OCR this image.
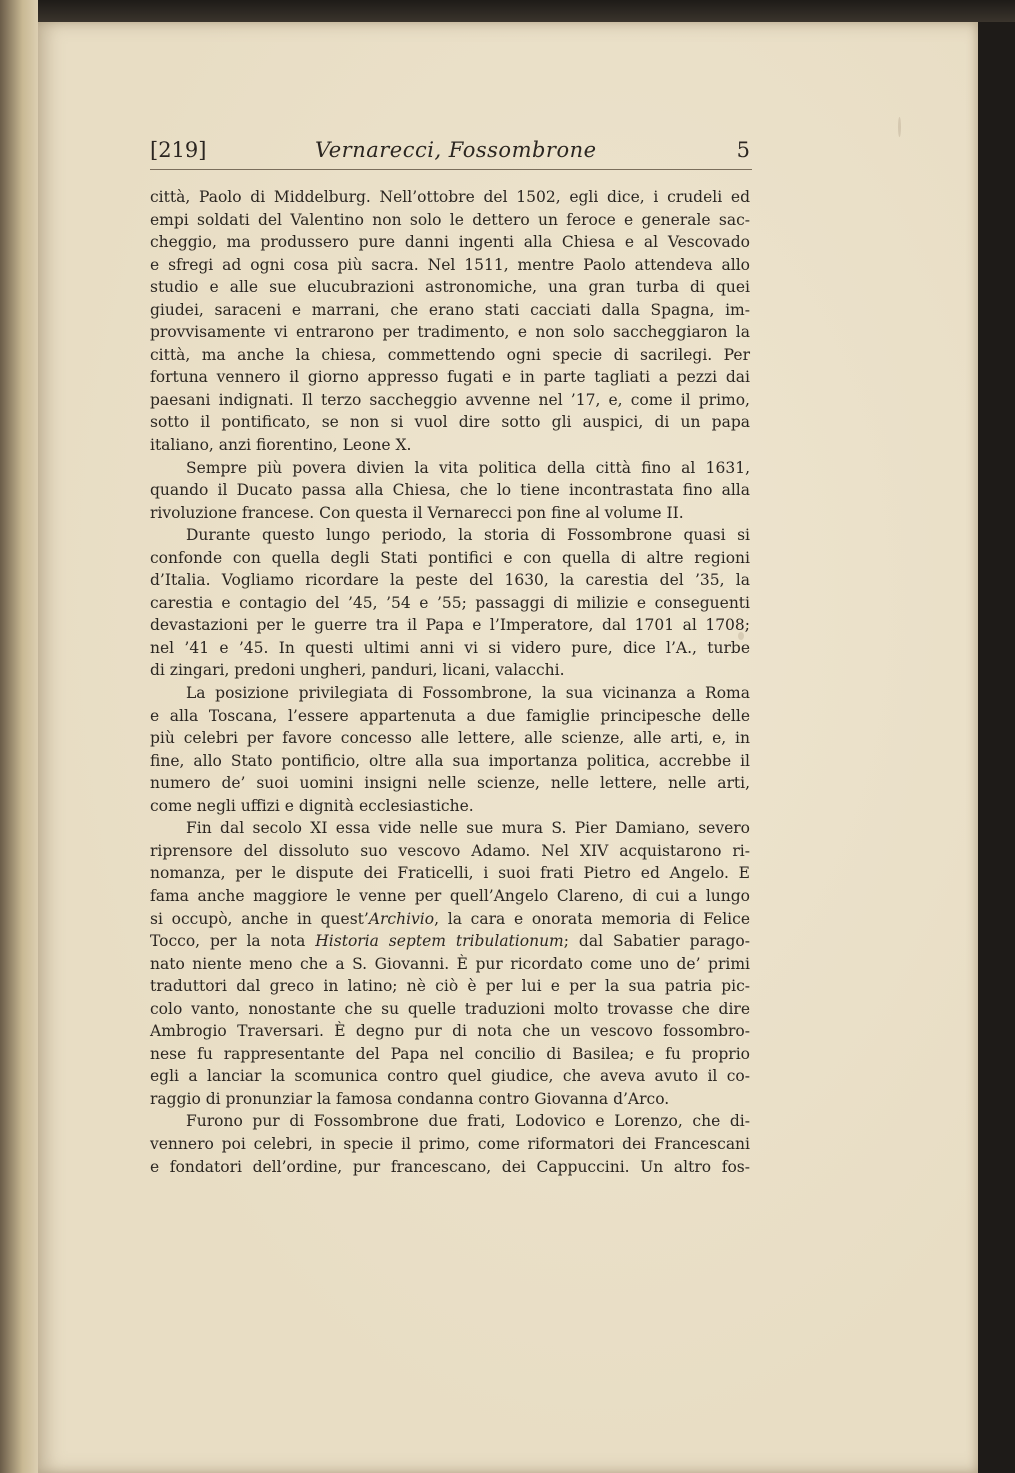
[219]	Vernarecci, Fossombrone	5
città, Paolo di Middelburg. Nell’ottobre del 1502, egli dice, i crudeli ed
empi soldati del Valentino non solo le dettero un feroce e generale sac-
cheggio, ma produssero pure danni ingenti alla Chiesa e al Vescovado
e sfregi ad ogni cosa più sacra. Nel 1511, mentre Paolo attendeva allo
studio e alle sue elucubrazioni astronomiche, una gran turba di quei
giudei, saraceni e marrani, che erano stati cacciati dalla Spagna, im-
provvisamente vi entrarono per tradimento, e non solo saccheggiaron la
città, ma anche la chiesa, commettendo ogni specie di sacrilegi. Per
fortuna vennero il giorno appresso fugati e in parte tagliati a pezzi dai
paesani indignati. Il terzo saccheggio avvenne nel ’17, e, come il primo,
sotto il pontificato, se non si vuol dire sotto gli auspici, di un papa
italiano, anzi fiorentino, Leone X.
Sempre più povera divien la vita politica della città fino al 1631,
quando il Ducato passa alla Chiesa, che lo tiene incontrastata fino alla
rivoluzione francese. Con questa il Vernarecci pon fine al volume II.
Durante questo lungo periodo, la storia di Fossombrone quasi si
confonde con quella degli Stati pontifici e con quella di altre regioni
d’Italia. Vogliamo ricordare la peste del 1630, la carestia del ’35, la
carestia e contagio del ’45, ’54 e ’55; passaggi di milizie e conseguenti
devastazioni per le guerre tra il Papa e l’Imperatore, dal 1701 al 1708;
nel ’41 e ’45. In questi ultimi anni vi si videro pure, dice l’A., turbe
di zingari, predoni ungheri, panduri, licani, valacchi.
La posizione privilegiata di Fossombrone, la sua vicinanza a Roma
e alla Toscana, l’essere appartenuta a due famiglie principesche delle
più celebri per favore concesso alle lettere, alle scienze, alle arti, e, in
fine, allo Stato pontificio, oltre alla sua importanza politica, accrebbe il
numero de’ suoi uomini insigni nelle scienze, nelle lettere, nelle arti,
come negli uffizi e dignità ecclesiastiche.
Fin dal secolo XI essa vide nelle sue mura S. Pier Damiano, severo
riprensore del dissoluto suo vescovo Adamo. Nel XIV acquistarono ri-
nomanza, per le dispute dei Fraticelli, i suoi frati Pietro ed Angelo. E
fama anche maggiore le venne per quell’Angelo Clareno, di cui a lungo
si occupò, anche in quest’Archivio, la cara e onorata memoria di Felice
Tocco, per la nota Historia septem tribulationum; dal Sabatier parago-
nato niente meno che a S. Giovanni. È pur ricordato come uno de’ primi
traduttori dal greco in latino; nè ciò è per lui e per la sua patria pic-
colo vanto, nonostante che su quelle traduzioni molto trovasse che dire
Ambrogio Traversari. È degno pur di nota che un vescovo fossombro-
nese fu rappresentante del Papa nel concilio di Basilea; e fu proprio
egli a lanciar la scomunica contro quel giudice, che aveva avuto il co-
raggio di pronunziar la famosa condanna contro Giovanna d’Arco.
Furono pur di Fossombrone due frati, Lodovico e Lorenzo, che di-
vennero poi celebri, in specie il primo, come riformatori dei Francescani
e fondatori dell’ordine, pur francescano, dei Cappuccini. Un altro fos-
